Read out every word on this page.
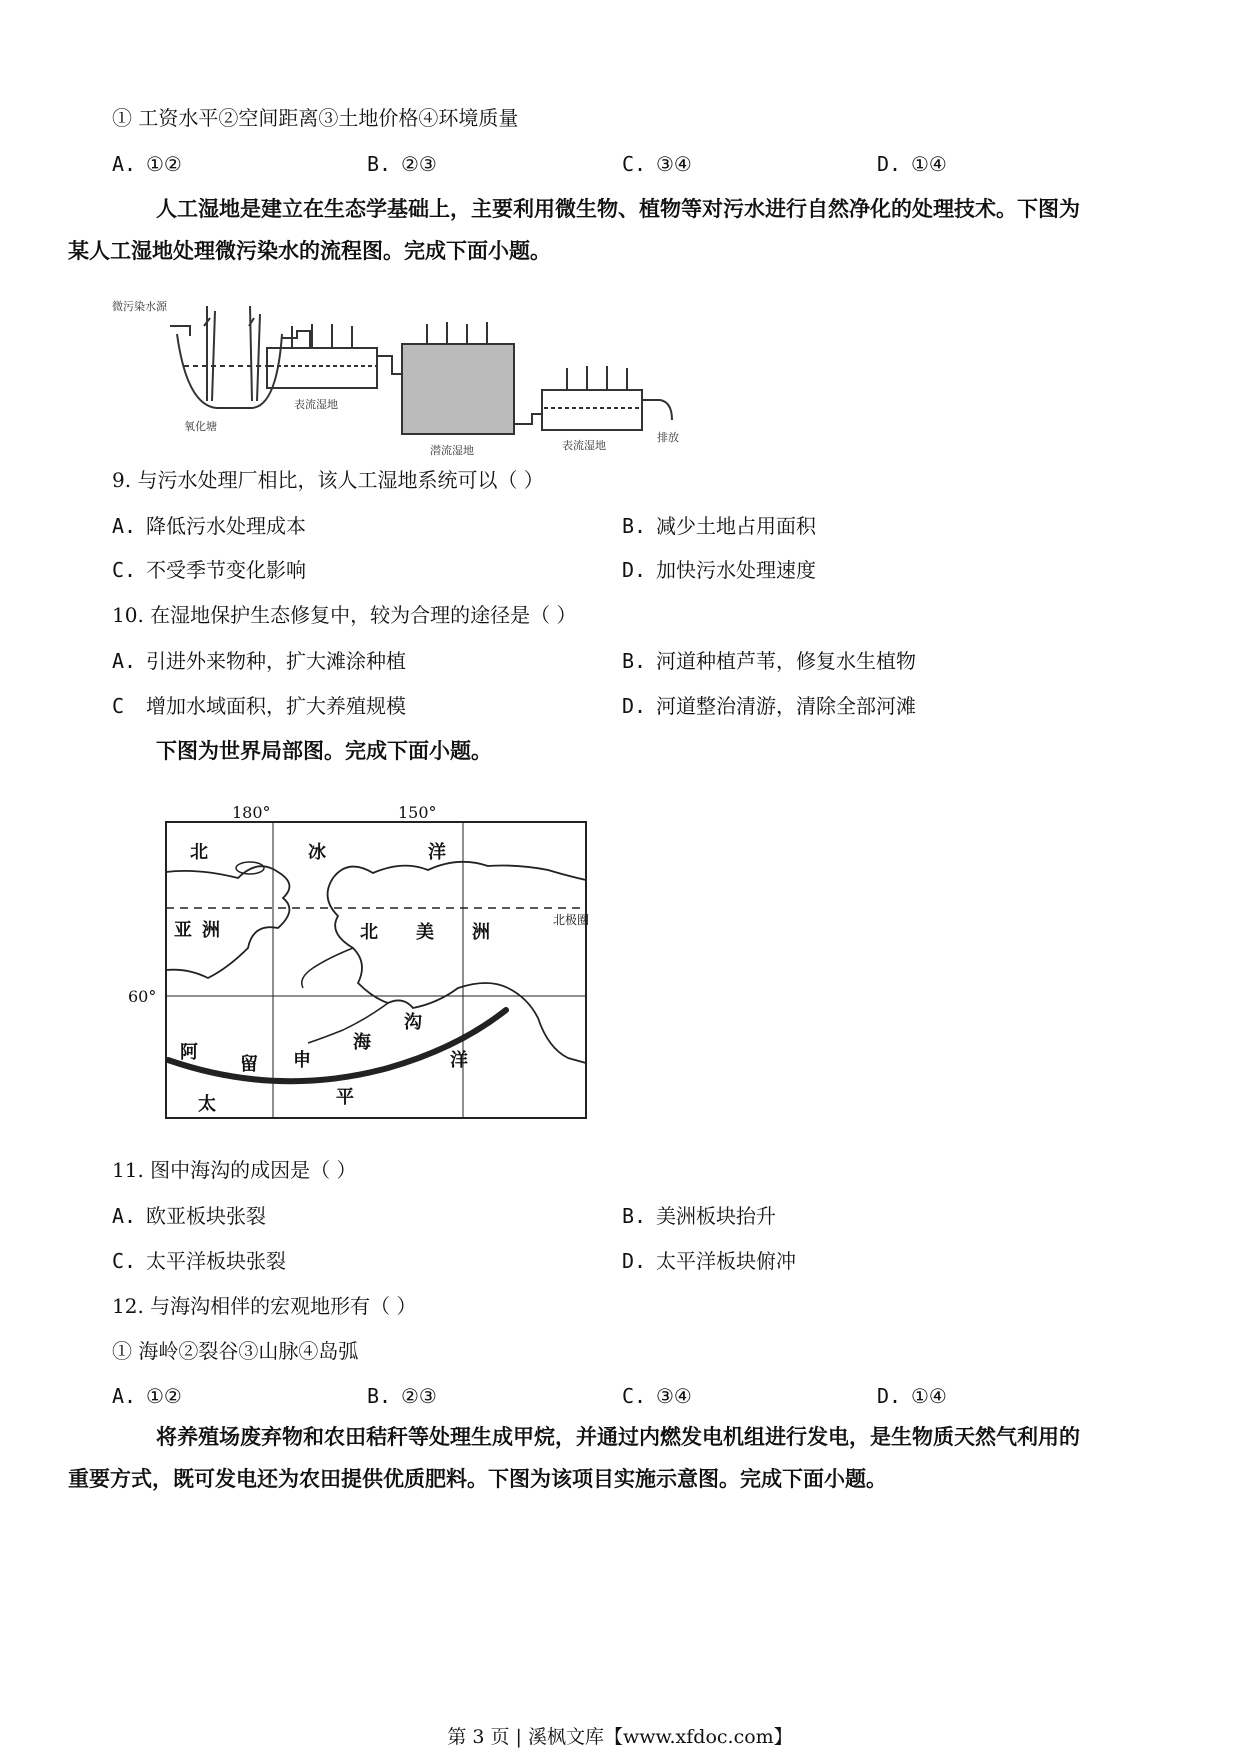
① 工资水平②空间距离③土地价格④环境质量
A. ①②	B. ②③	C. ③④	D. ①④
人工湿地是建立在生态学基础上，主要利用微生物、植物等对污水进行自然净化的处理技术。下图为
某人工湿地处理微污染水的流程图。完成下面小题。
微污染水源
氧化塘
表流湿地
潜流湿地	表流湿地
排放
9. 与污水处理厂相比，该人工湿地系统可以（ ）
A. 降低污水处理成本	B. 减少土地占用面积
C. 不受季节变化影响	D. 加快污水处理速度
10. 在湿地保护生态修复中，较为合理的途径是（ ）
A. 引进外来物种，扩大滩涂种植	B. 河道种植芦苇，修复水生植物
C 增加水域面积，扩大养殖规模	D. 河道整治清游，清除全部河滩
下图为世界局部图。完成下面小题。
180°	150°
60°
北极圈
北	冰	洋
亚 洲	北 美 洲
阿
留 申
海
沟
太	平
洋
11. 图中海沟的成因是（ ）
A. 欧亚板块张裂	B. 美洲板块抬升
C. 太平洋板块张裂	D. 太平洋板块俯冲
12. 与海沟相伴的宏观地形有（ ）
① 海岭②裂谷③山脉④岛弧
A. ①②	B. ②③	C. ③④	D. ①④
将养殖场废弃物和农田秸秆等处理生成甲烷，并通过内燃发电机组进行发电，是生物质天然气利用的
重要方式，既可发电还为农田提供优质肥料。下图为该项目实施示意图。完成下面小题。
第 3 页 | 溪枫文库【www.xfdoc.com】
